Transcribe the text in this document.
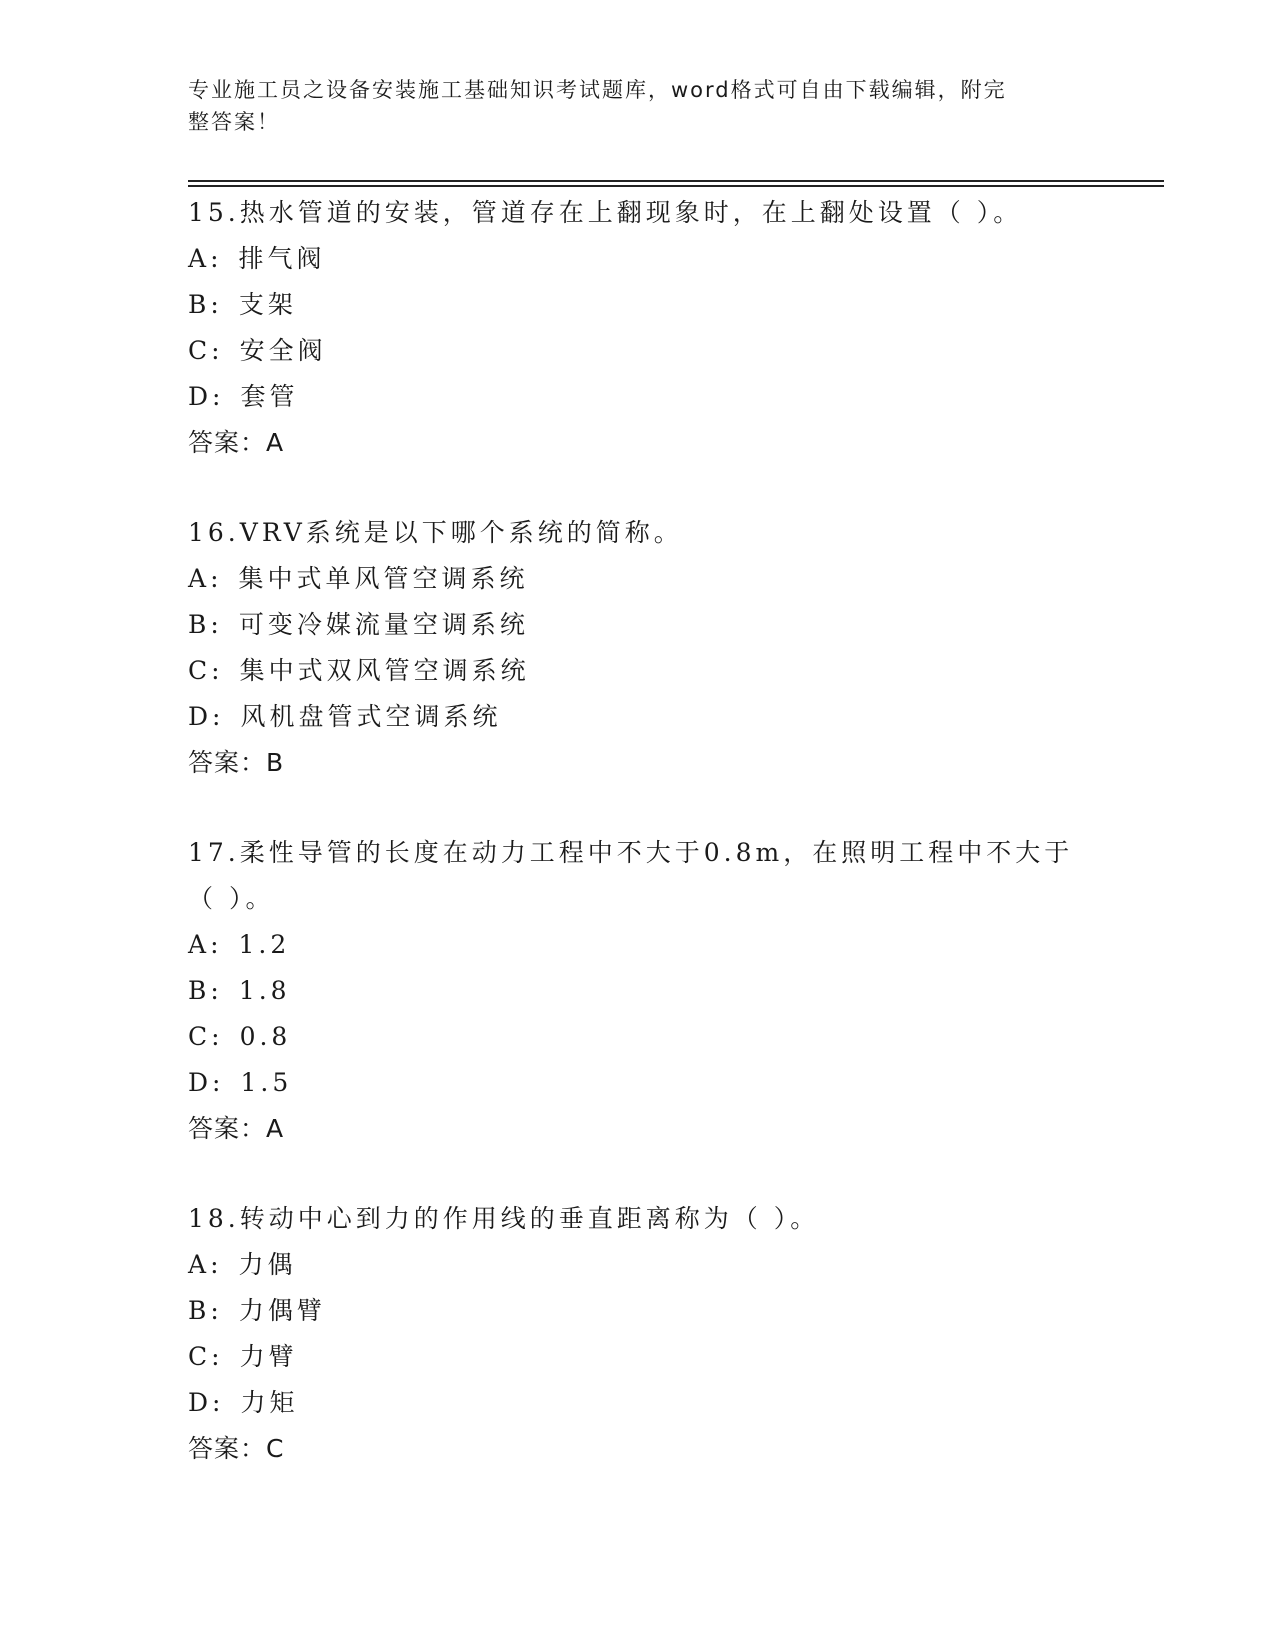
专业施工员之设备安装施工基础知识考试题库，word格式可自由下载编辑，附完
整答案！
15.热水管道的安装，管道存在上翻现象时，在上翻处设置（ ）。
A : 排气阀
B : 支架
C : 安全阀
D : 套管
答案：A
16.VRV系统是以下哪个系统的简称。
A : 集中式单风管空调系统
B : 可变冷媒流量空调系统
C : 集中式双风管空调系统
D : 风机盘管式空调系统
答案：B
17.柔性导管的长度在动力工程中不大于0.8m，在照明工程中不大于（ ）。
A : 1.2
B : 1.8
C : 0.8
D : 1.5
答案：A
18.转动中心到力的作用线的垂直距离称为（ ）。
A : 力偶
B : 力偶臂
C : 力臂
D : 力矩
答案：C
